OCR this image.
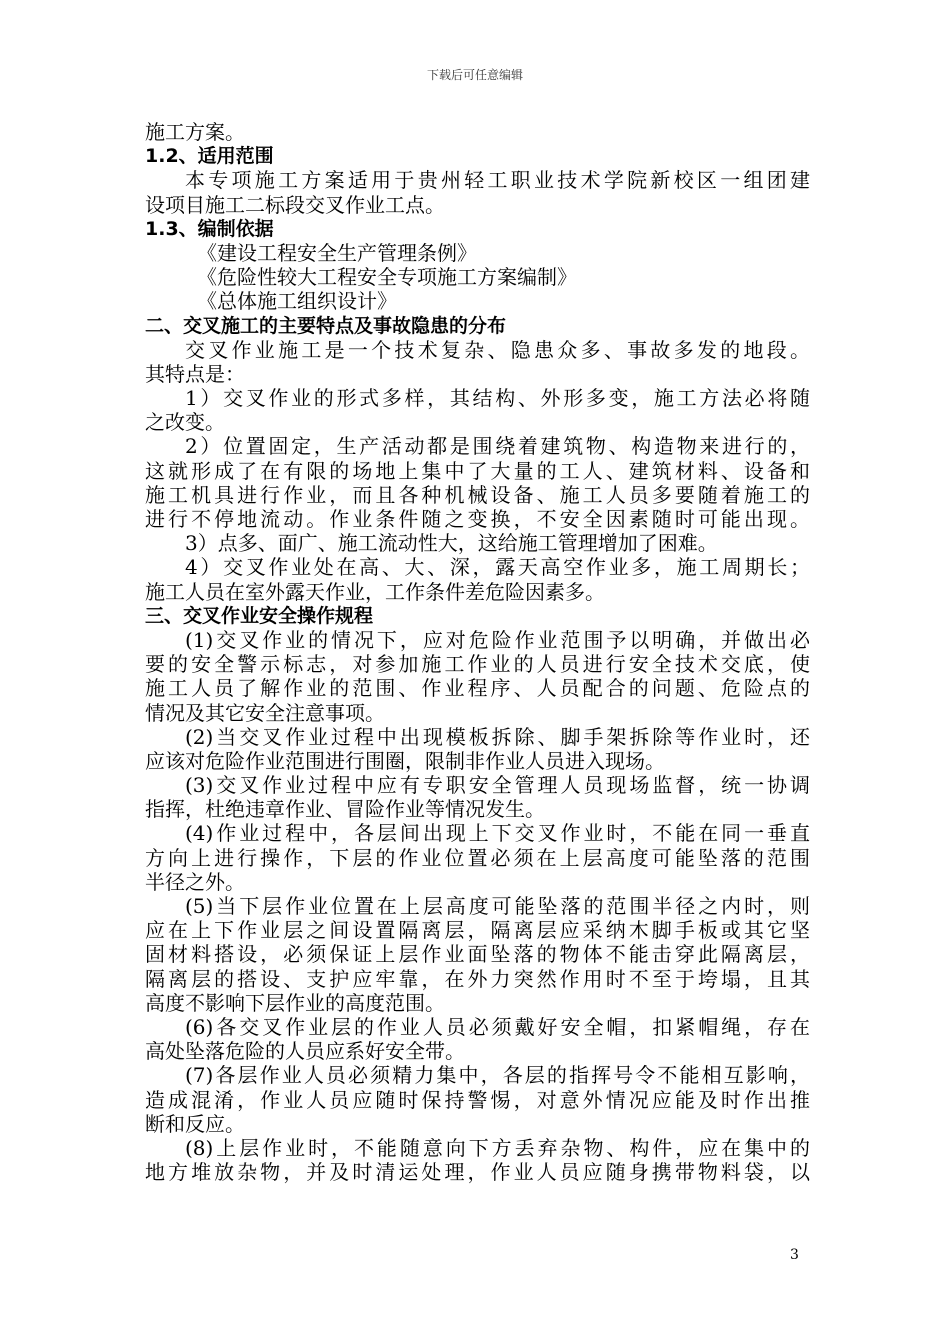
下载后可任意编辑
施工方案。
1.2、适用范围
本专项施工方案适用于贵州轻工职业技术学院新校区一组团建
设项目施工二标段交叉作业工点。
1.3、编制依据
《建设工程安全生产管理条例》
《危险性较大工程安全专项施工方案编制》
《总体施工组织设计》
二、交叉施工的主要特点及事故隐患的分布
交叉作业施工是一个技术复杂、隐患众多、事故多发的地段。
其特点是：
1）交叉作业的形式多样，其结构、外形多变，施工方法必将随
之改变。
2）位置固定，生产活动都是围绕着建筑物、构造物来进行的，
这就形成了在有限的场地上集中了大量的工人、建筑材料、设备和
施工机具进行作业，而且各种机械设备、施工人员多要随着施工的
进行不停地流动。作业条件随之变换，不安全因素随时可能出现。
3）点多、面广、施工流动性大，这给施工管理增加了困难。
4）交叉作业处在高、大、深，露天高空作业多，施工周期长；
施工人员在室外露天作业，工作条件差危险因素多。
三、交叉作业安全操作规程
(1)交叉作业的情况下，应对危险作业范围予以明确，并做出必
要的安全警示标志，对参加施工作业的人员进行安全技术交底，使
施工人员了解作业的范围、作业程序、人员配合的问题、危险点的
情况及其它安全注意事项。
(2)当交叉作业过程中出现模板拆除、脚手架拆除等作业时，还
应该对危险作业范围进行围圈，限制非作业人员进入现场。
(3)交叉作业过程中应有专职安全管理人员现场监督，统一协调
指挥，杜绝违章作业、冒险作业等情况发生。
(4)作业过程中，各层间出现上下交叉作业时，不能在同一垂直
方向上进行操作，下层的作业位置必须在上层高度可能坠落的范围
半径之外。
(5)当下层作业位置在上层高度可能坠落的范围半径之内时，则
应在上下作业层之间设置隔离层，隔离层应采纳木脚手板或其它坚
固材料搭设，必须保证上层作业面坠落的物体不能击穿此隔离层，
隔离层的搭设、支护应牢靠，在外力突然作用时不至于垮塌，且其
高度不影响下层作业的高度范围。
(6)各交叉作业层的作业人员必须戴好安全帽，扣紧帽绳，存在
高处坠落危险的人员应系好安全带。
(7)各层作业人员必须精力集中，各层的指挥号令不能相互影响，
造成混淆，作业人员应随时保持警惕，对意外情况应能及时作出推
断和反应。
(8)上层作业时，不能随意向下方丢弃杂物、构件，应在集中的
地方堆放杂物，并及时清运处理，作业人员应随身携带物料袋，以
3
